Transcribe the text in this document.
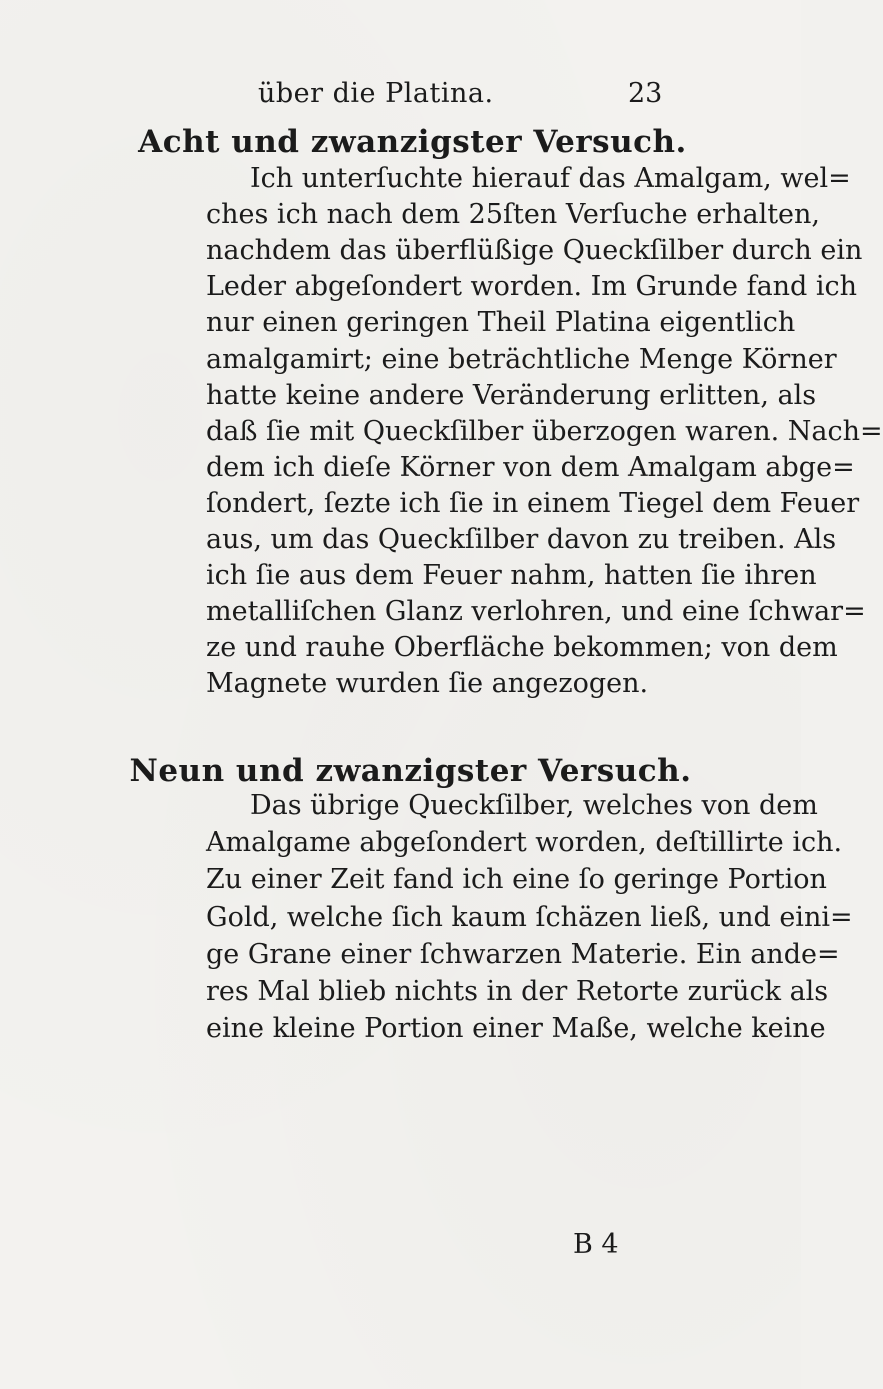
über die Platina.	23
Acht und zwanzigster Versuch.
Ich unterſuchte hierauf das Amalgam, wel=
ches ich nach dem 25ſten Verſuche erhalten,
nachdem das überflüßige Queckſilber durch ein
Leder abgeſondert worden. Im Grunde fand ich
nur einen geringen Theil Platina eigentlich
amalgamirt; eine beträchtliche Menge Körner
hatte keine andere Veränderung erlitten, als
daß ſie mit Queckſilber überzogen waren. Nach=
dem ich dieſe Körner von dem Amalgam abge=
ſondert, ſezte ich ſie in einem Tiegel dem Feuer
aus, um das Queckſilber davon zu treiben. Als
ich ſie aus dem Feuer nahm, hatten ſie ihren
metalliſchen Glanz verlohren, und eine ſchwar=
ze und rauhe Oberfläche bekommen; von dem
Magnete wurden ſie angezogen.
Neun und zwanzigster Versuch.
Das übrige Queckſilber, welches von dem
Amalgame abgeſondert worden, deſtillirte ich.
Zu einer Zeit fand ich eine ſo geringe Portion
Gold, welche ſich kaum ſchäzen ließ, und eini=
ge Grane einer ſchwarzen Materie. Ein ande=
res Mal blieb nichts in der Retorte zurück als
eine kleine Portion einer Maße, welche keine
B 4
